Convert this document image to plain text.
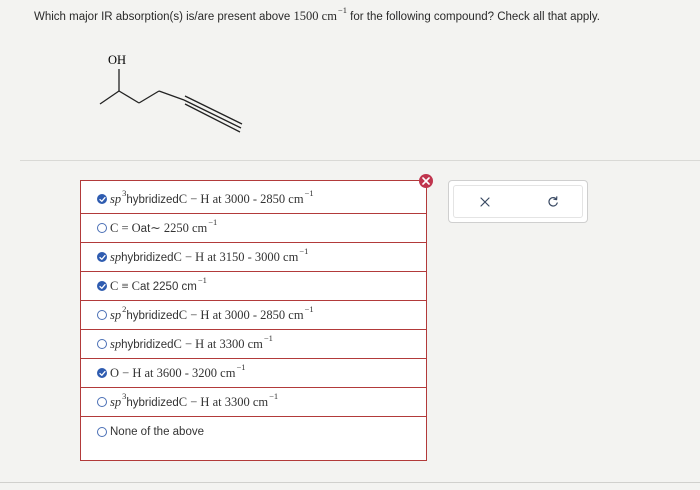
Which major IR absorption(s) is/are present above 1500 $cm^{-1}$ for the following compound? Check all that apply.
OH
sp 3
hybridized C − H at 3000 - 2850 cm −1
C = O at ∼ 2250 cm −1
sp hybridized C − H at 3150 - 3000 cm −1
C ≡ C at 2250 cm
−1
sp 2
hybridized C − H at 3000 - 2850 cm −1
sp hybridized C − H at 3300 cm −1
O − H at 3600 - 3200 cm −1
sp 3
hybridized C − H at 3300 cm −1
None of the above
